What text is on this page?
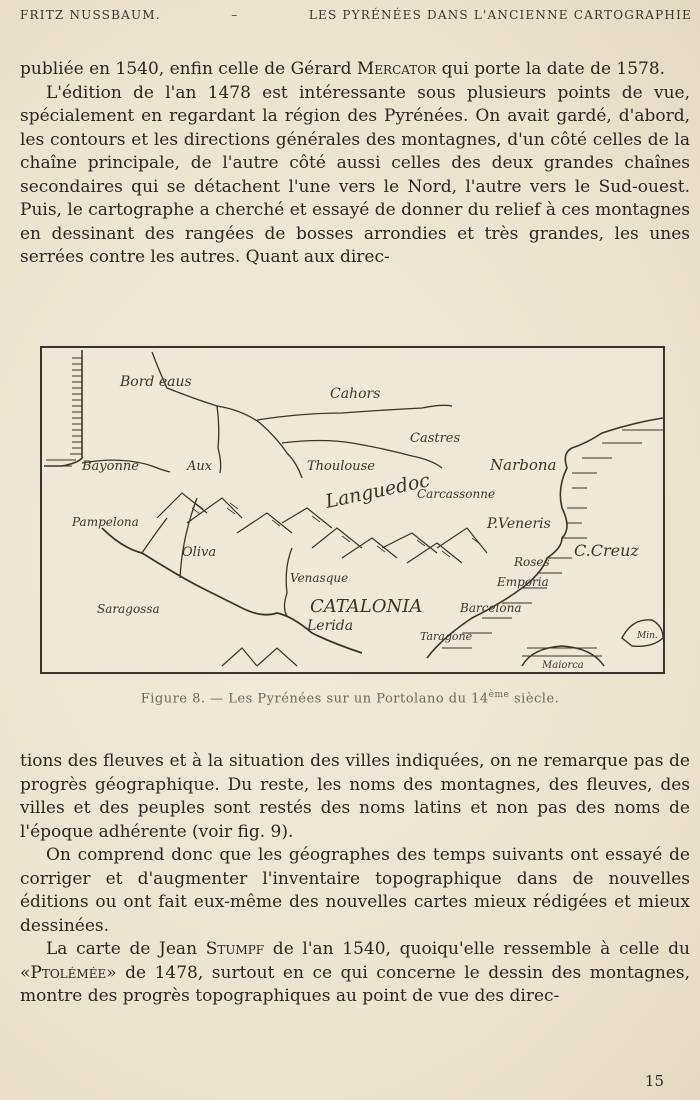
FRITZ NUSSBAUM.	–	LES PYRÉNÉES DANS L'ANCIENNE CARTOGRAPHIE

publiée en 1540, enfin celle de Gérard Mercator qui porte la date de 1578.

L'édition de l'an 1478 est intéressante sous plusieurs points de vue, spécialement en regardant la région des Pyrénées. On avait gardé, d'abord, les contours et les directions générales des montagnes, d'un côté celles de la chaîne principale, de l'autre côté aussi celles des deux grandes chaînes secondaires qui se détachent l'une vers le Nord, l'autre vers le Sud-ouest. Puis, le cartographe a cherché et essayé de donner du relief à ces montagnes en dessinant des rangées de bosses arrondies et très grandes, les unes serrées contre les autres. Quant aux direc-

Bord eaus
Cahors
Castres
Bayonne	Aux	Thoulouse	Narbona
Languedoc
Carcassonne
Pampelona
Oliva
P.Veneris
C.Creuz
Roses
Emporia
Venasque
CATALONIA	Barcelona
Saragossa
Lerida
Taragone	Min.
Maiorca
Figure 8. — Les Pyrénées sur un Portolano du 14ème siècle.

tions des fleuves et à la situation des villes indiquées, on ne remarque pas de progrès géographique. Du reste, les noms des montagnes, des fleuves, des villes et des peuples sont restés des noms latins et non pas des noms de l'époque adhérente (voir fig. 9).

On comprend donc que les géographes des temps suivants ont essayé de corriger et d'augmenter l'inventaire topographique dans de nouvelles éditions ou ont fait eux-même des nouvelles cartes mieux rédigées et mieux dessinées.

La carte de Jean Stumpf de l'an 1540, quoiqu'elle ressemble à celle du «Ptolémée» de 1478, surtout en ce qui concerne le dessin des montagnes, montre des progrès topographiques au point de vue des direc-

15
